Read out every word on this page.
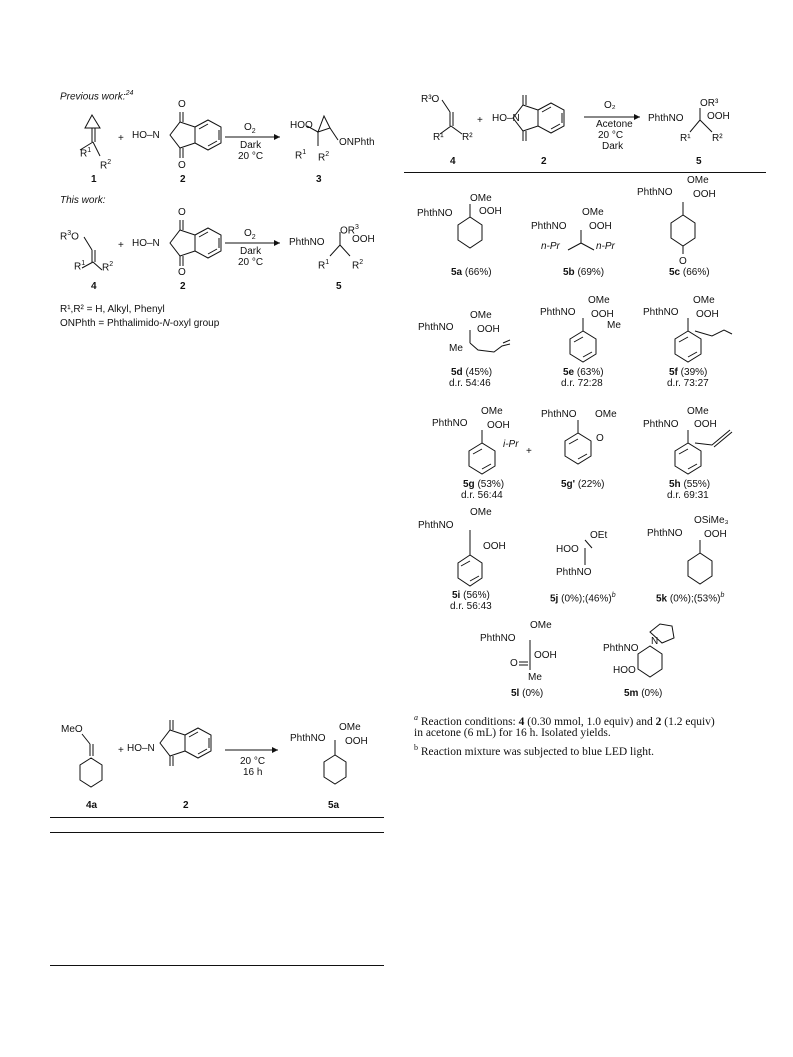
Previous work:$^{24}$
$R^1$
$R^2$
+ HO–N
O
O
$O_2$
Dark
20 °C
HOO
ONPhth
$R^1$ $R^2$
1	2	3
This work:
$R^3O$
$R^1$ $R^2$
+ HO–N
O
O
$O_2$
Dark
20 °C
PhthNO
$OR^3$
OOH
$R^1$ $R^2$
4	2	5
R¹,R² = H, Alkyl, Phenyl
ONPhth = Phthalimido-N-oxyl group
MeO
+ HO–N
20 °C
16 h
PhthNO
OMe
OOH
4a	2	5a
R³O
R¹ R²
+ HO–N
O₂
Acetone
20 °C
Dark
PhthNO
OR³
OOH
R¹ R²
4	2	5
PhthNO
OMe
OOH
PhthNO
OMe
OOH
n-Pr	n-Pr
PhthNO
OMe
OOH
O
5a (66%)	5b (69%)	5c (66%)
PhthNO
OMe
OOH
Me
PhthNO
OMe
OOH
Me
PhthNO
OMe
OOH
5d (45%)
d.r. 54:46
5e (63%)
d.r. 72:28
5f (39%)
d.r. 73:27
PhthNO
OMe
OOH
i-Pr
+
PhthNO OMe
O
PhthNO
OMe
OOH
5g (53%)
d.r. 56:44
5g' (22%)	5h (55%)
d.r. 69:31
PhthNO
OMe
OOH
OEt
HOO
PhthNO
PhthNO
OSiMe₃
OOH
5i (56%)
d.r. 56:43
5j $(0\%);(46\%)^b$	5k $(0\%);(53\%)^b$
PhthNO
OMe
OOH
O
Me
PhthNO
N
HOO
5l (0%)	5m (0%)
$^a$ Reaction conditions: 4 (0.30 mmol, 1.0 equiv) and 2 (1.2 equiv)
in acetone (6 mL) for 16 h. Isolated yields.
$^b$ Reaction mixture was subjected to blue LED light.
